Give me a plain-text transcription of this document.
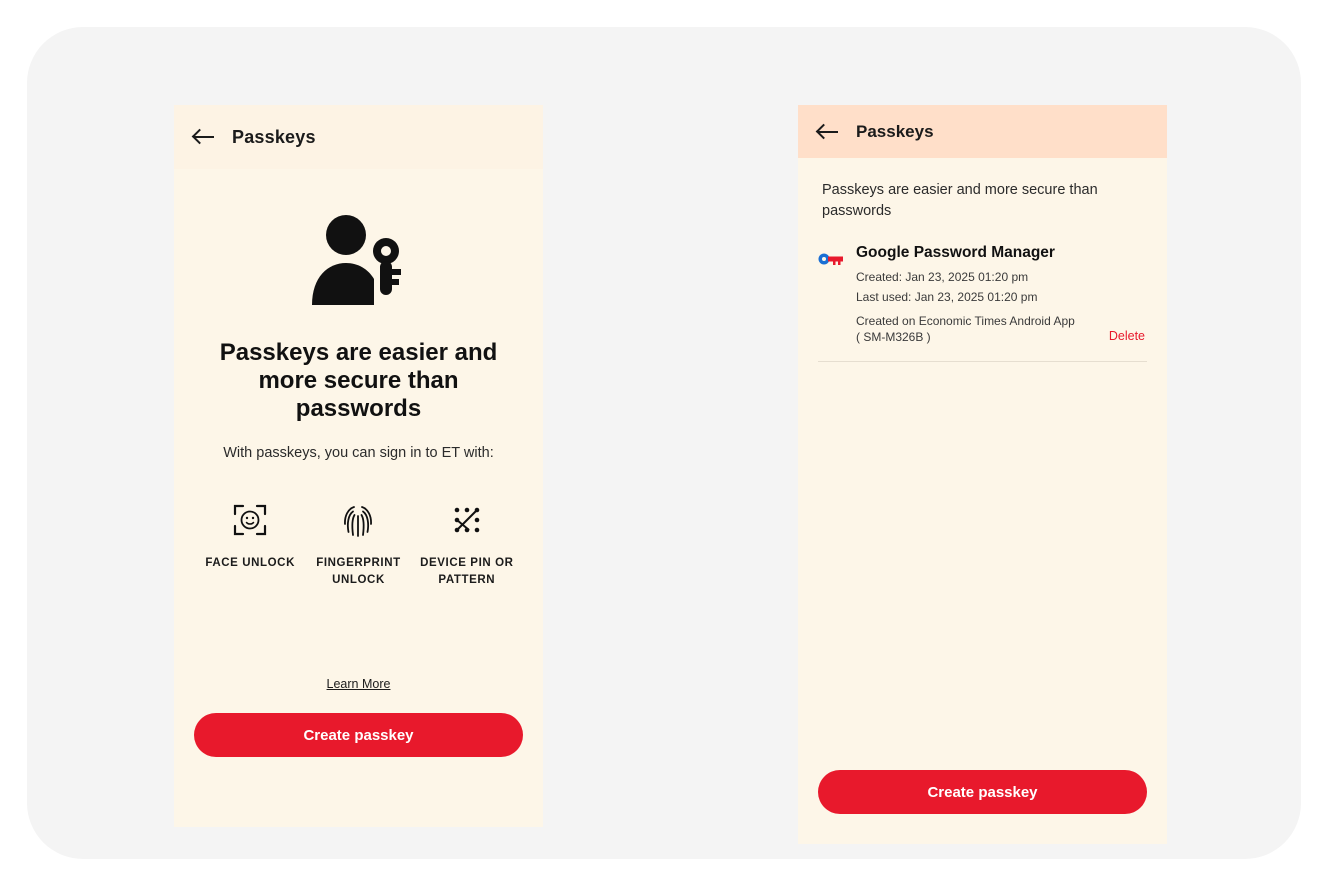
Passkeys
Passkeys are easier and more secure than passwords
With passkeys, you can sign in to ET with:
FACE UNLOCK	FINGERPRINT UNLOCK
DEVICE PIN OR PATTERN
Learn More
Create passkey
Passkeys
Passkeys are easier and more secure than passwords
Google Password Manager
Created: Jan 23, 2025 01:20 pm
Last used: Jan 23, 2025 01:20 pm
Created on Economic Times Android App ( SM-M326B )	Delete
Create passkey
